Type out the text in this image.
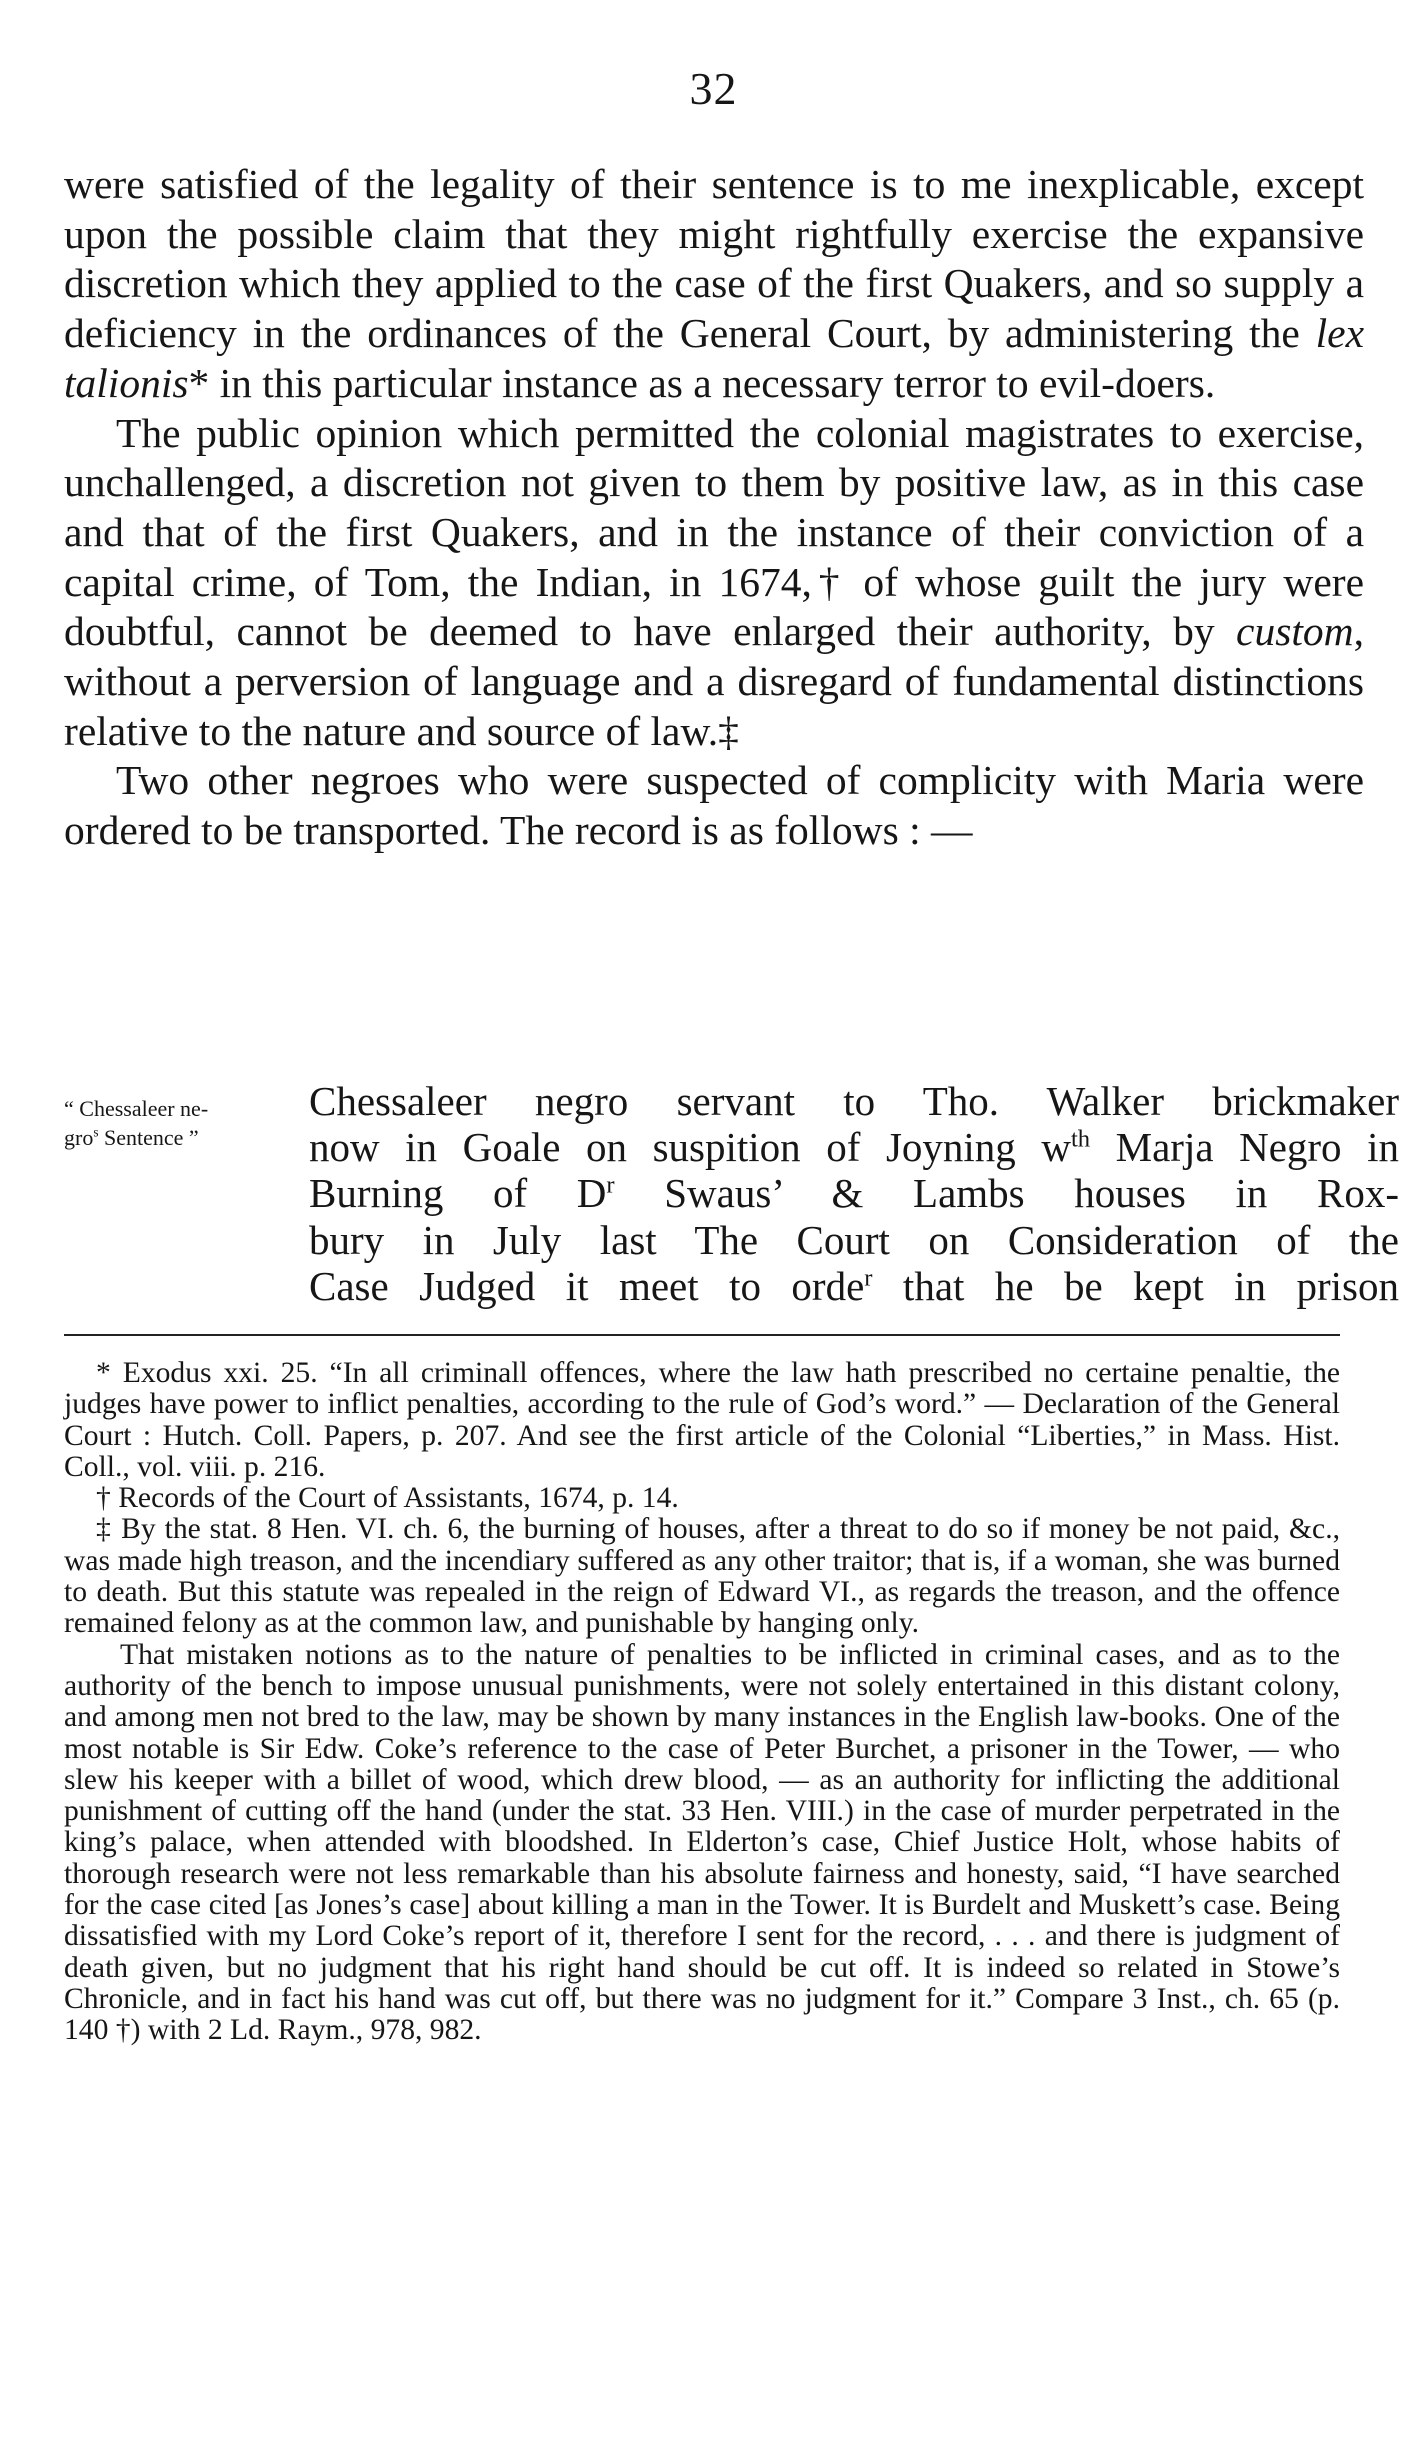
32

were satisfied of the legality of their sentence is to me inexplicable, except upon the possible claim that they might rightfully exercise the expansive discretion which they applied to the case of the first Quakers, and so supply a deficiency in the ordinances of the General Court, by administering the lex talionis* in this particular instance as a necessary terror to evil-doers.

The public opinion which permitted the colonial magistrates to exercise, unchallenged, a discretion not given to them by positive law, as in this case and that of the first Quakers, and in the instance of their conviction of a capital crime, of Tom, the Indian, in 1674,† of whose guilt the jury were doubtful, cannot be deemed to have enlarged their authority, by custom, without a perversion of language and a disregard of fundamental distinctions relative to the nature and source of law.‡

Two other negroes who were suspected of complicity with Maria were ordered to be transported. The record is as follows : —

“ Chessaleer ne-
gro$^s$ Sentence ”
Chessaleer negro servant to Tho. Walker brickmaker
now in Goale on suspition of Joyning $w^{th}$ Marja Negro in
Burning of $D^r$ Swaus’ & Lambs houses in Rox-
bury in July last The Court on Consideration of the
Case Judged it meet to orde$^r$ that he be kept in prison

* Exodus xxi. 25. “In all criminall offences, where the law hath prescribed no certaine penaltie, the judges have power to inflict penalties, according to the rule of God’s word.” — Declaration of the General Court : Hutch. Coll. Papers, p. 207. And see the first article of the Colonial “Liberties,” in Mass. Hist. Coll., vol. viii. p. 216.

† Records of the Court of Assistants, 1674, p. 14.

‡ By the stat. 8 Hen. VI. ch. 6, the burning of houses, after a threat to do so if money be not paid, &c., was made high treason, and the incendiary suffered as any other traitor; that is, if a woman, she was burned to death. But this statute was repealed in the reign of Edward VI., as regards the treason, and the offence remained felony as at the common law, and punishable by hanging only.

That mistaken notions as to the nature of penalties to be inflicted in criminal cases, and as to the authority of the bench to impose unusual punishments, were not solely entertained in this distant colony, and among men not bred to the law, may be shown by many instances in the English law-books. One of the most notable is Sir Edw. Coke’s reference to the case of Peter Burchet, a prisoner in the Tower, — who slew his keeper with a billet of wood, which drew blood, — as an authority for inflicting the additional punishment of cutting off the hand (under the stat. 33 Hen. VIII.) in the case of murder perpetrated in the king’s palace, when attended with bloodshed. In Elderton’s case, Chief Justice Holt, whose habits of thorough research were not less remarkable than his absolute fairness and honesty, said, “I have searched for the case cited [as Jones’s case] about killing a man in the Tower. It is Burdelt and Muskett’s case. Being dissatisfied with my Lord Coke’s report of it, therefore I sent for the record, . . . and there is judgment of death given, but no judgment that his right hand should be cut off. It is indeed so related in Stowe’s Chronicle, and in fact his hand was cut off, but there was no judgment for it.” Compare 3 Inst., ch. 65 (p. 140 †) with 2 Ld. Raym., 978, 982.
